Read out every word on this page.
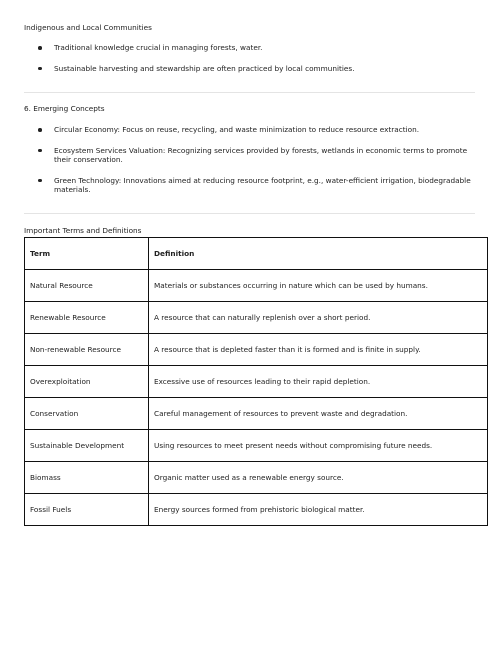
Indigenous and Local Communities
Traditional knowledge crucial in managing forests, water.
Sustainable harvesting and stewardship are often practiced by local communities.
6. Emerging Concepts
Circular Economy: Focus on reuse, recycling, and waste minimization to reduce resource extraction.
Ecosystem Services Valuation: Recognizing services provided by forests, wetlands in economic terms to promote their conservation.
Green Technology: Innovations aimed at reducing resource footprint, e.g., water-efficient irrigation, biodegradable materials.
Important Terms and Definitions
Term	Definition
Natural Resource	Materials or substances occurring in nature which can be used by humans.
Renewable Resource	A resource that can naturally replenish over a short period.
Non-renewable Resource	A resource that is depleted faster than it is formed and is finite in supply.
Overexploitation	Excessive use of resources leading to their rapid depletion.
Conservation	Careful management of resources to prevent waste and degradation.
Sustainable Development	Using resources to meet present needs without compromising future needs.
Biomass	Organic matter used as a renewable energy source.
Fossil Fuels	Energy sources formed from prehistoric biological matter.
